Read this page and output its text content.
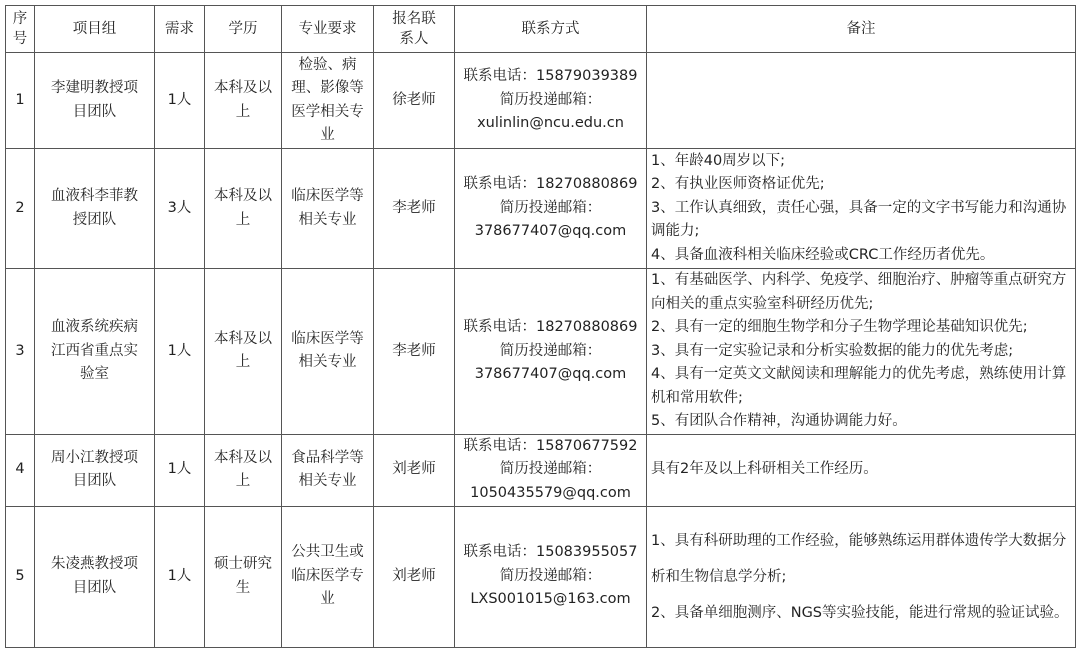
序号	项目组	需求	学历	专业要求	报名联系人	联系方式	备注
1	李建明教授项目团队	1人	本科及以上	检验、病理、影像等医学相关专业	徐老师	联系电话：15879039389 简历投递邮箱： xulinlin@ncu.edu.cn	
2	血液科李菲教授团队	3人	本科及以上	临床医学等相关专业	李老师	联系电话：18270880869 简历投递邮箱：378677407@qq.com	1、年龄40周岁以下;
2、有执业医师资格证优先;
3、工作认真细致，责任心强，具备一定的文字书写能力和沟通协调能力;
4、具备血液科相关临床经验或CRC工作经历者优先。

3	血液系统疾病江西省重点实验室	1人	本科及以上	临床医学等相关专业	李老师	联系电话：18270880869 简历投递邮箱：378677407@qq.com	1、有基础医学、内科学、免疫学、细胞治疗、肿瘤等重点研究方向相关的重点实验室科研经历优先;
2、具有一定的细胞生物学和分子生物学理论基础知识优先;
3、具有一定实验记录和分析实验数据的能力的优先考虑;
4、具有一定英文文献阅读和理解能力的优先考虑，熟练使用计算机和常用软件;
5、有团队合作精神，沟通协调能力好。

4	周小江教授项目团队	1人	本科及以上	食品科学等相关专业	刘老师	联系电话：15870677592 简历投递邮箱：1050435579@qq.com	具有2年及以上科研相关工作经历。

5	朱凌燕教授项目团队	1人	硕士研究生	公共卫生或临床医学专业	刘老师	联系电话：15083955057 简历投递邮箱：LXS001015@163.com	1、具有科研助理的工作经验，能够熟练运用群体遗传学大数据分析和生物信息学分析;
2、具备单细胞测序、NGS等实验技能，能进行常规的验证试验。
